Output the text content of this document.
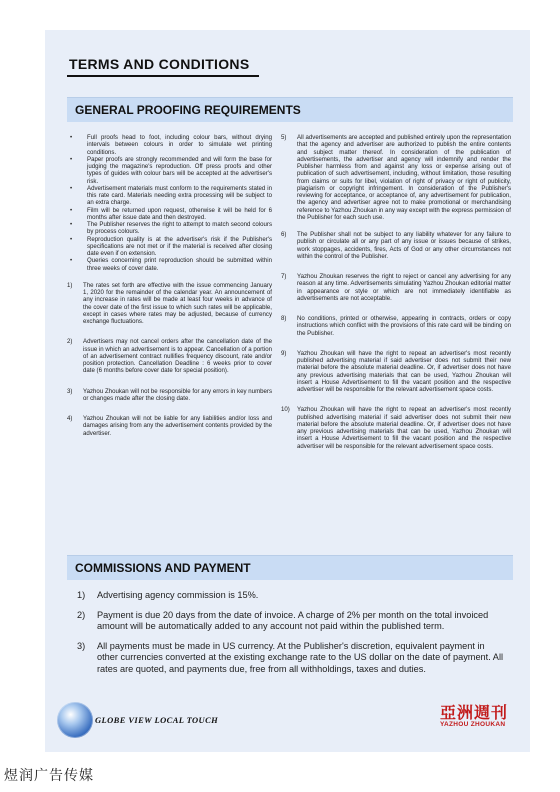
TERMS AND CONDITIONS
GENERAL PROOFING REQUIREMENTS
• Full proofs head to foot, including colour bars, without drying intervals between colours in order to simulate wet printing conditions.
• Paper proofs are strongly recommended and will form the base for judging the magazine's reproduction. Off press proofs and other types of guides with colour bars will be accepted at the advertiser's risk.
• Advertisement materials must conform to the requirements stated in this rate card. Materials needing extra processing will be subject to an extra charge.
• Film will be returned upon request, otherwise it will be held for 6 months after issue date and then destroyed.
• The Publisher reserves the right to attempt to match second colours by process colours.
• Reproduction quality is at the advertiser's risk if the Publisher's specifications are not met or if the material is received after closing date even if on extension.
• Queries concerning print reproduction should be submitted within three weeks of cover date.
1) The rates set forth are effective with the issue commencing January 1, 2020 for the remainder of the calendar year. An announcement of any increase in rates will be made at least four weeks in advance of the cover date of the first issue to which such rates will be applicable, except in cases where rates may be adjusted, because of currency exchange fluctuations.
2) Advertisers may not cancel orders after the cancellation date of the issue in which an advertisement is to appear. Cancellation of a portion of an advertisement contract nullifies frequency discount, rate and/or position protection. Cancellation Deadline : 6 weeks prior to cover date (6 months before cover date for special position).
3) Yazhou Zhoukan will not be responsible for any errors in key numbers or changes made after the closing date.
4) Yazhou Zhoukan will not be liable for any liabilities and/or loss and damages arising from any the advertisement contents provided by the advertiser.
5) All advertisements are accepted and published entirely upon the representation that the agency and advertiser are authorized to publish the entire contents and subject matter thereof. In consideration of the publication of advertisements, the advertiser and agency will indemnify and render the Publisher harmless from and against any loss or expense arising out of publication of such advertisement, including, without limitation, those resulting from claims or suits for libel, violation of right of privacy or right of publicity, plagiarism or copyright infringement. In consideration of the Publisher's reviewing for acceptance, or acceptance of, any advertisement for publication, the agency and advertiser agree not to make promotional or merchandising reference to Yazhou Zhoukan in any way except with the express permission of the Publisher for each such use.
6) The Publisher shall not be subject to any liability whatever for any failure to publish or circulate all or any part of any issue or issues because of strikes, work stoppages, accidents, fires, Acts of God or any other circumstances not within the control of the Publisher.
7) Yazhou Zhoukan reserves the right to reject or cancel any advertising for any reason at any time. Advertisements simulating Yazhou Zhoukan editorial matter in appearance or style or which are not immediately identifiable as advertisements are not acceptable.
8) No conditions, printed or otherwise, appearing in contracts, orders or copy instructions which conflict with the provisions of this rate card will be binding on the Publisher.
9) Yazhou Zhoukan will have the right to repeat an advertiser's most recently published advertising material if said advertiser does not submit their new material before the absolute material deadline. Or, if advertiser does not have any previous advertising materials that can be used, Yazhou Zhoukan will insert a House Advertisement to fill the vacant position and the respective advertiser will be responsible for the relevant advertisement space costs.
10) Yazhou Zhoukan will have the right to repeat an advertiser's most recently published advertising material if said advertiser does not submit their new material before the absolute material deadline. Or, if advertiser does not have any previous advertising materials that can be used, Yazhou Zhoukan will insert a House Advertisement to fill the vacant position and the respective advertiser will be responsible for the relevant advertisement space costs.
COMMISSIONS AND PAYMENT
1) Advertising agency commission is 15%.
2) Payment is due 20 days from the date of invoice. A charge of 2% per month on the total invoiced amount will be automatically added to any account not paid within the published term.
3) All payments must be made in US currency. At the Publisher's discretion, equivalent payment in other currencies converted at the existing exchange rate to the US dollar on the date of payment. All rates are quoted, and payments due, free from all withholdings, taxes and duties.
GLOBE VIEW LOCAL TOUCH	亞洲週刊
YAZHOU ZHOUKAN
煜润广告传媒
